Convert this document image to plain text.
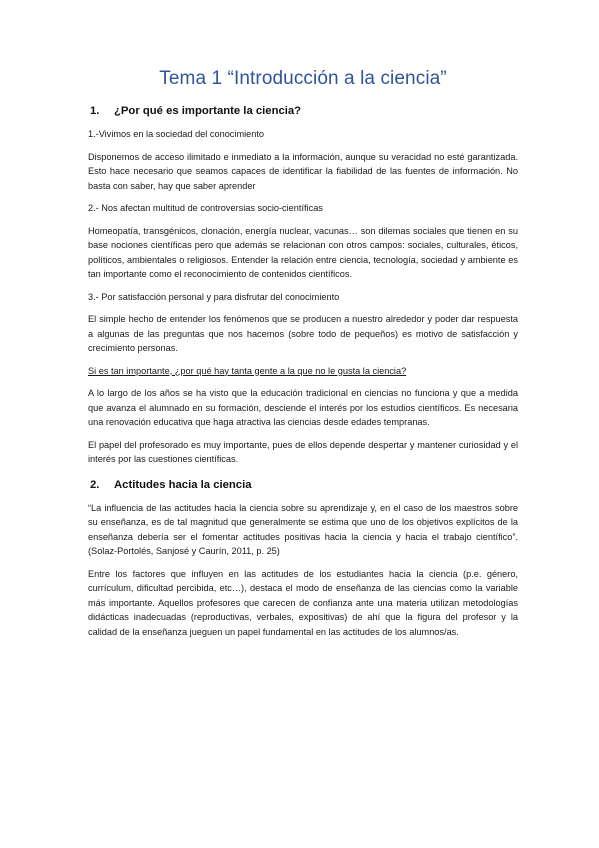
Tema 1 “Introducción a la ciencia”
1. ¿Por qué es importante la ciencia?

1.-Vivimos en la sociedad del conocimiento

Disponemos de acceso ilimitado e inmediato a la información, aunque su veracidad no esté garantizada. Esto hace necesario que seamos capaces de identificar la fiabilidad de las fuentes de información. No basta con saber, hay que saber aprender

2.- Nos afectan multitud de controversias socio-científicas

Homeopatía, transgénicos, clonación, energía nuclear, vacunas… son dilemas sociales que tienen en su base nociones científicas pero que además se relacionan con otros campos: sociales, culturales, éticos, políticos, ambientales o religiosos. Entender la relación entre ciencia, tecnología, sociedad y ambiente es tan importante como el reconocimiento de contenidos científicos.

3.- Por satisfacción personal y para disfrutar del conocimiento

El simple hecho de entender los fenómenos que se producen a nuestro alrededor y poder dar respuesta a algunas de las preguntas que nos hacemos (sobre todo de pequeños) es motivo de satisfacción y crecimiento personas.

Si es tan importante, ¿por qué hay tanta gente a la que no le gusta la ciencia?

A lo largo de los años se ha visto que la educación tradicional en ciencias no funciona y que a medida que avanza el alumnado en su formación, desciende el interés por los estudios científicos. Es necesaria una renovación educativa que haga atractiva las ciencias desde edades tempranas.

El papel del profesorado es muy importante, pues de ellos depende despertar y mantener curiosidad y el interés por las cuestiones científicas.

2. Actitudes hacia la ciencia

“La influencia de las actitudes hacia la ciencia sobre su aprendizaje y, en el caso de los maestros sobre su enseñanza, es de tal magnitud que generalmente se estima que uno de los objetivos explícitos de la enseñanza debería ser el fomentar actitudes positivas hacia la ciencia y hacia el trabajo científico”. (Solaz-Portolés, Sanjosé y Caurín, 2011, p. 25)

Entre los factores que influyen en las actitudes de los estudiantes hacia la ciencia (p.e. género, currículum, dificultad percibida, etc…), destaca el modo de enseñanza de las ciencias como la variable más importante. Aquellos profesores que carecen de confianza ante una materia utilizan metodologías didácticas inadecuadas (reproductivas, verbales, expositivas) de ahí que la figura del profesor y la calidad de la enseñanza jueguen un papel fundamental en las actitudes de los alumnos/as.
